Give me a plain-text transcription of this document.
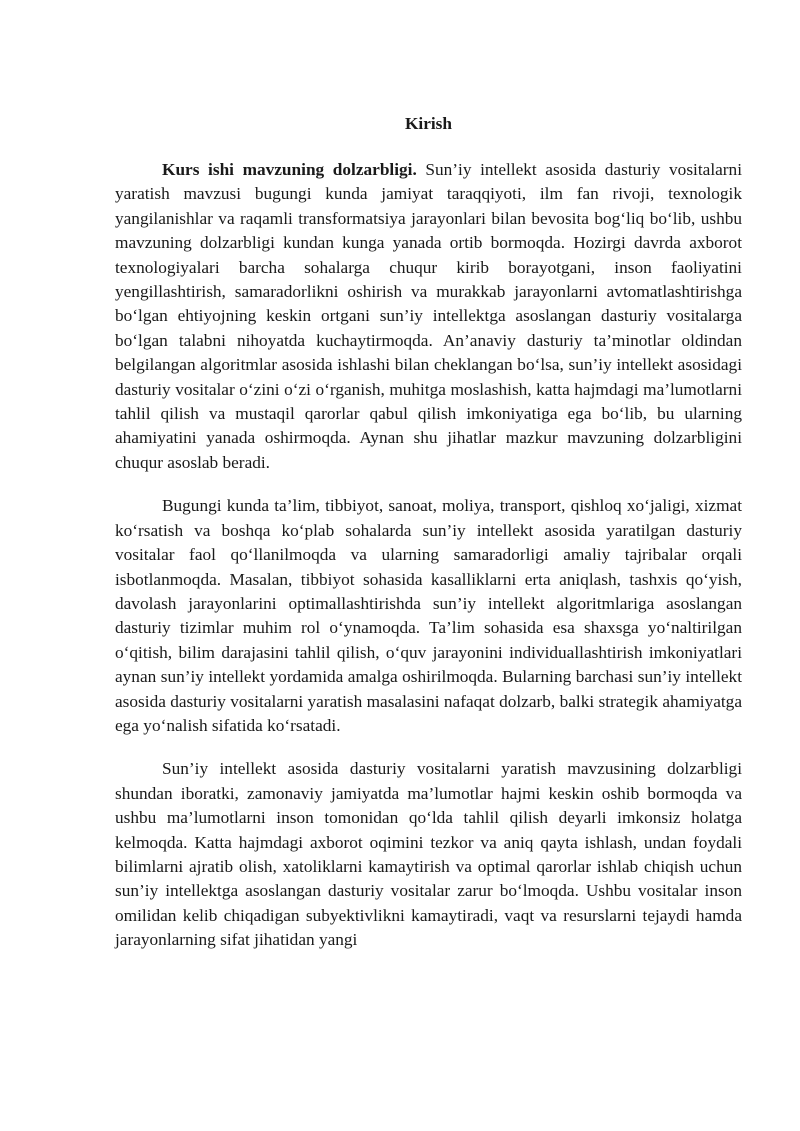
Kirish

Kurs ishi mavzuning dolzarbligi. Sun’iy intellekt asosida dasturiy vositalarni yaratish mavzusi bugungi kunda jamiyat taraqqiyoti, ilm fan rivoji, texnologik yangilanishlar va raqamli transformatsiya jarayonlari bilan bevosita bog‘liq bo‘lib, ushbu mavzuning dolzarbligi kundan kunga yanada ortib bormoqda. Hozirgi davrda axborot texnologiyalari barcha sohalarga chuqur kirib borayotgani, inson faoliyatini yengillashtirish, samaradorlikni oshirish va murakkab jarayonlarni avtomatlashtirishga bo‘lgan ehtiyojning keskin ortgani sun’iy intellektga asoslangan dasturiy vositalarga bo‘lgan talabni nihoyatda kuchaytirmoqda. An’anaviy dasturiy ta’minotlar oldindan belgilangan algoritmlar asosida ishlashi bilan cheklangan bo‘lsa, sun’iy intellekt asosidagi dasturiy vositalar o‘zini o‘zi o‘rganish, muhitga moslashish, katta hajmdagi ma’lumotlarni tahlil qilish va mustaqil qarorlar qabul qilish imkoniyatiga ega bo‘lib, bu ularning ahamiyatini yanada oshirmoqda. Aynan shu jihatlar mazkur mavzuning dolzarbligini chuqur asoslab beradi.

Bugungi kunda ta’lim, tibbiyot, sanoat, moliya, transport, qishloq xo‘jaligi, xizmat ko‘rsatish va boshqa ko‘plab sohalarda sun’iy intellekt asosida yaratilgan dasturiy vositalar faol qo‘llanilmoqda va ularning samaradorligi amaliy tajribalar orqali isbotlanmoqda. Masalan, tibbiyot sohasida kasalliklarni erta aniqlash, tashxis qo‘yish, davolash jarayonlarini optimallashtirishda sun’iy intellekt algoritmlariga asoslangan dasturiy tizimlar muhim rol o‘ynamoqda. Ta’lim sohasida esa shaxsga yo‘naltirilgan o‘qitish, bilim darajasini tahlil qilish, o‘quv jarayonini individuallashtirish imkoniyatlari aynan sun’iy intellekt yordamida amalga oshirilmoqda. Bularning barchasi sun’iy intellekt asosida dasturiy vositalarni yaratish masalasini nafaqat dolzarb, balki strategik ahamiyatga ega yo‘nalish sifatida ko‘rsatadi.

Sun’iy intellekt asosida dasturiy vositalarni yaratish mavzusining dolzarbligi shundan iboratki, zamonaviy jamiyatda ma’lumotlar hajmi keskin oshib bormoqda va ushbu ma’lumotlarni inson tomonidan qo‘lda tahlil qilish deyarli imkonsiz holatga kelmoqda. Katta hajmdagi axborot oqimini tezkor va aniq qayta ishlash, undan foydali bilimlarni ajratib olish, xatoliklarni kamaytirish va optimal qarorlar ishlab chiqish uchun sun’iy intellektga asoslangan dasturiy vositalar zarur bo‘lmoqda. Ushbu vositalar inson omilidan kelib chiqadigan subyektivlikni kamaytiradi, vaqt va resurslarni tejaydi hamda jarayonlarning sifat jihatidan yangi
